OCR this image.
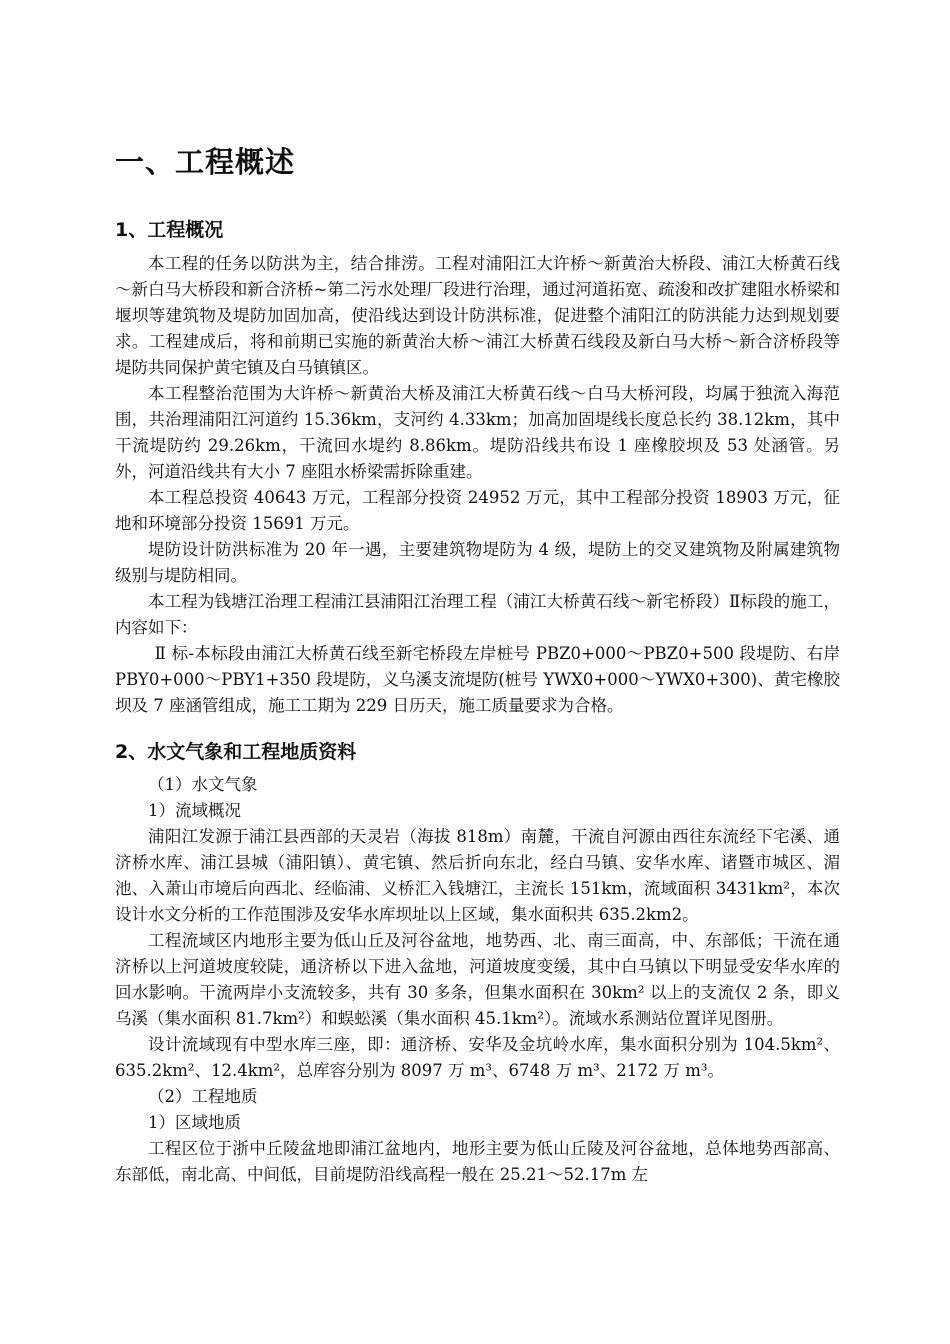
一、工程概述
1、工程概况

本工程的任务以防洪为主，结合排涝。工程对浦阳江大许桥～新黄治大桥段、浦江大桥黄石线～新白马大桥段和新合济桥~第二污水处理厂段进行治理，通过河道拓宽、疏浚和改扩建阻水桥梁和堰坝等建筑物及堤防加固加高，使沿线达到设计防洪标准，促进整个浦阳江的防洪能力达到规划要求。工程建成后，将和前期已实施的新黄治大桥～浦江大桥黄石线段及新白马大桥～新合济桥段等堤防共同保护黄宅镇及白马镇镇区。

本工程整治范围为大许桥～新黄治大桥及浦江大桥黄石线～白马大桥河段，均属于独流入海范围，共治理浦阳江河道约 15.36km，支河约 4.33km；加高加固堤线长度总长约 38.12km，其中干流堤防约 29.26km，干流回水堤约 8.86km。堤防沿线共布设 1 座橡胶坝及 53 处涵管。另外，河道沿线共有大小 7 座阻水桥梁需拆除重建。

本工程总投资 40643 万元，工程部分投资 24952 万元，其中工程部分投资 18903 万元，征地和环境部分投资 15691 万元。

堤防设计防洪标准为 20 年一遇，主要建筑物堤防为 4 级，堤防上的交叉建筑物及附属建筑物级别与堤防相同。

本工程为钱塘江治理工程浦江县浦阳江治理工程（浦江大桥黄石线～新宅桥段）Ⅱ标段的施工，内容如下：

Ⅱ 标-本标段由浦江大桥黄石线至新宅桥段左岸桩号 PBZ0+000～PBZ0+500 段堤防、右岸 PBY0+000～PBY1+350 段堤防，义乌溪支流堤防(桩号 YWX0+000～YWX0+300)、黄宅橡胶坝及 7 座涵管组成，施工工期为 229 日历天，施工质量要求为合格。

2、水文气象和工程地质资料

（1）水文气象

1）流域概况

浦阳江发源于浦江县西部的天灵岩（海拔 818m）南麓，干流自河源由西往东流经下宅溪、通济桥水库、浦江县城（浦阳镇）、黄宅镇、然后折向东北，经白马镇、安华水库、诸暨市城区、湄池、入萧山市境后向西北、经临浦、义桥汇入钱塘江，主流长 151km，流域面积 3431km²，本次设计水文分析的工作范围涉及安华水库坝址以上区域，集水面积共 635.2km2。

工程流域区内地形主要为低山丘及河谷盆地，地势西、北、南三面高，中、东部低；干流在通济桥以上河道坡度较陡，通济桥以下进入盆地，河道坡度变缓，其中白马镇以下明显受安华水库的回水影响。干流两岸小支流较多，共有 30 多条，但集水面积在 30km² 以上的支流仅 2 条，即义乌溪（集水面积 81.7km²）和蜈蚣溪（集水面积 45.1km²）。流域水系测站位置详见图册。

设计流域现有中型水库三座，即：通济桥、安华及金坑岭水库，集水面积分别为 104.5km²、635.2km²、12.4km²，总库容分别为 8097 万 m³、6748 万 m³、2172 万 m³。

（2）工程地质

1）区域地质

工程区位于浙中丘陵盆地即浦江盆地内，地形主要为低山丘陵及河谷盆地，总体地势西部高、东部低，南北高、中间低，目前堤防沿线高程一般在 25.21～52.17m 左
